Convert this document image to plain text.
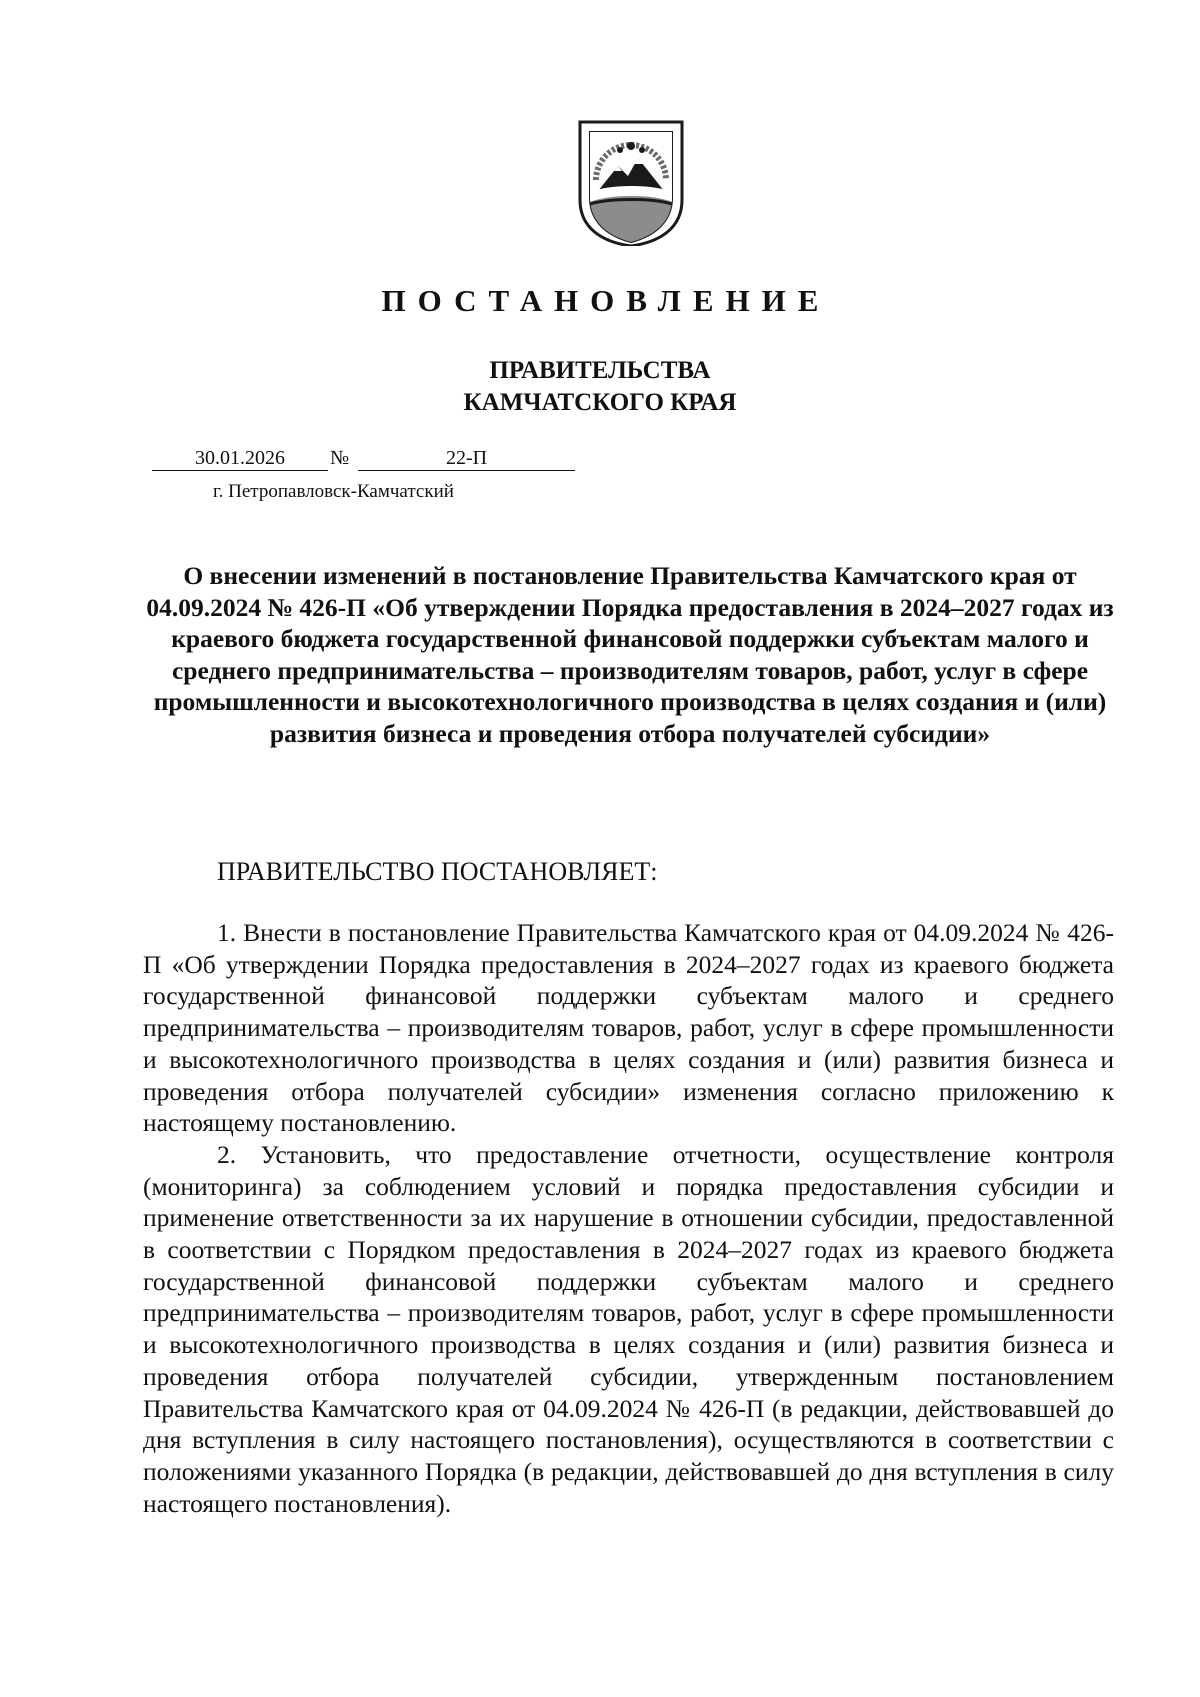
ПОСТАНОВЛЕНИЕ
ПРАВИТЕЛЬСТВА
КАМЧАТСКОГО КРАЯ
30.01.2026	№	22-П
г. Петропавловск-Камчатский
О внесении изменений в постановление Правительства Камчатского края от 04.09.2024 № 426-П «Об утверждении Порядка предоставления в 2024–2027 годах из краевого бюджета государственной финансовой поддержки субъектам малого и среднего предпринимательства – производителям товаров, работ, услуг в сфере промышленности и высокотехнологичного производства в целях создания и (или) развития бизнеса и проведения отбора получателей субсидии»
ПРАВИТЕЛЬСТВО ПОСТАНОВЛЯЕТ:

1. Внести в постановление Правительства Камчатского края от 04.09.2024 № 426-П «Об утверждении Порядка предоставления в 2024–2027 годах из краевого бюджета государственной финансовой поддержки субъектам малого и среднего предпринимательства – производителям товаров, работ, услуг в сфере промышленности и высокотехнологичного производства в целях создания и (или) развития бизнеса и проведения отбора получателей субсидии» изменения согласно приложению к настоящему постановлению.

2. Установить, что предоставление отчетности, осуществление контроля (мониторинга) за соблюдением условий и порядка предоставления субсидии и применение ответственности за их нарушение в отношении субсидии, предоставленной в соответствии с Порядком предоставления в 2024–2027 годах из краевого бюджета государственной финансовой поддержки субъектам малого и среднего предпринимательства – производителям товаров, работ, услуг в сфере промышленности и высокотехнологичного производства в целях создания и (или) развития бизнеса и проведения отбора получателей субсидии, утвержденным постановлением Правительства Камчатского края от 04.09.2024 № 426-П (в редакции, действовавшей до дня вступления в силу настоящего постановления), осуществляются в соответствии с положениями указанного Порядка (в редакции, действовавшей до дня вступления в силу настоящего постановления).
